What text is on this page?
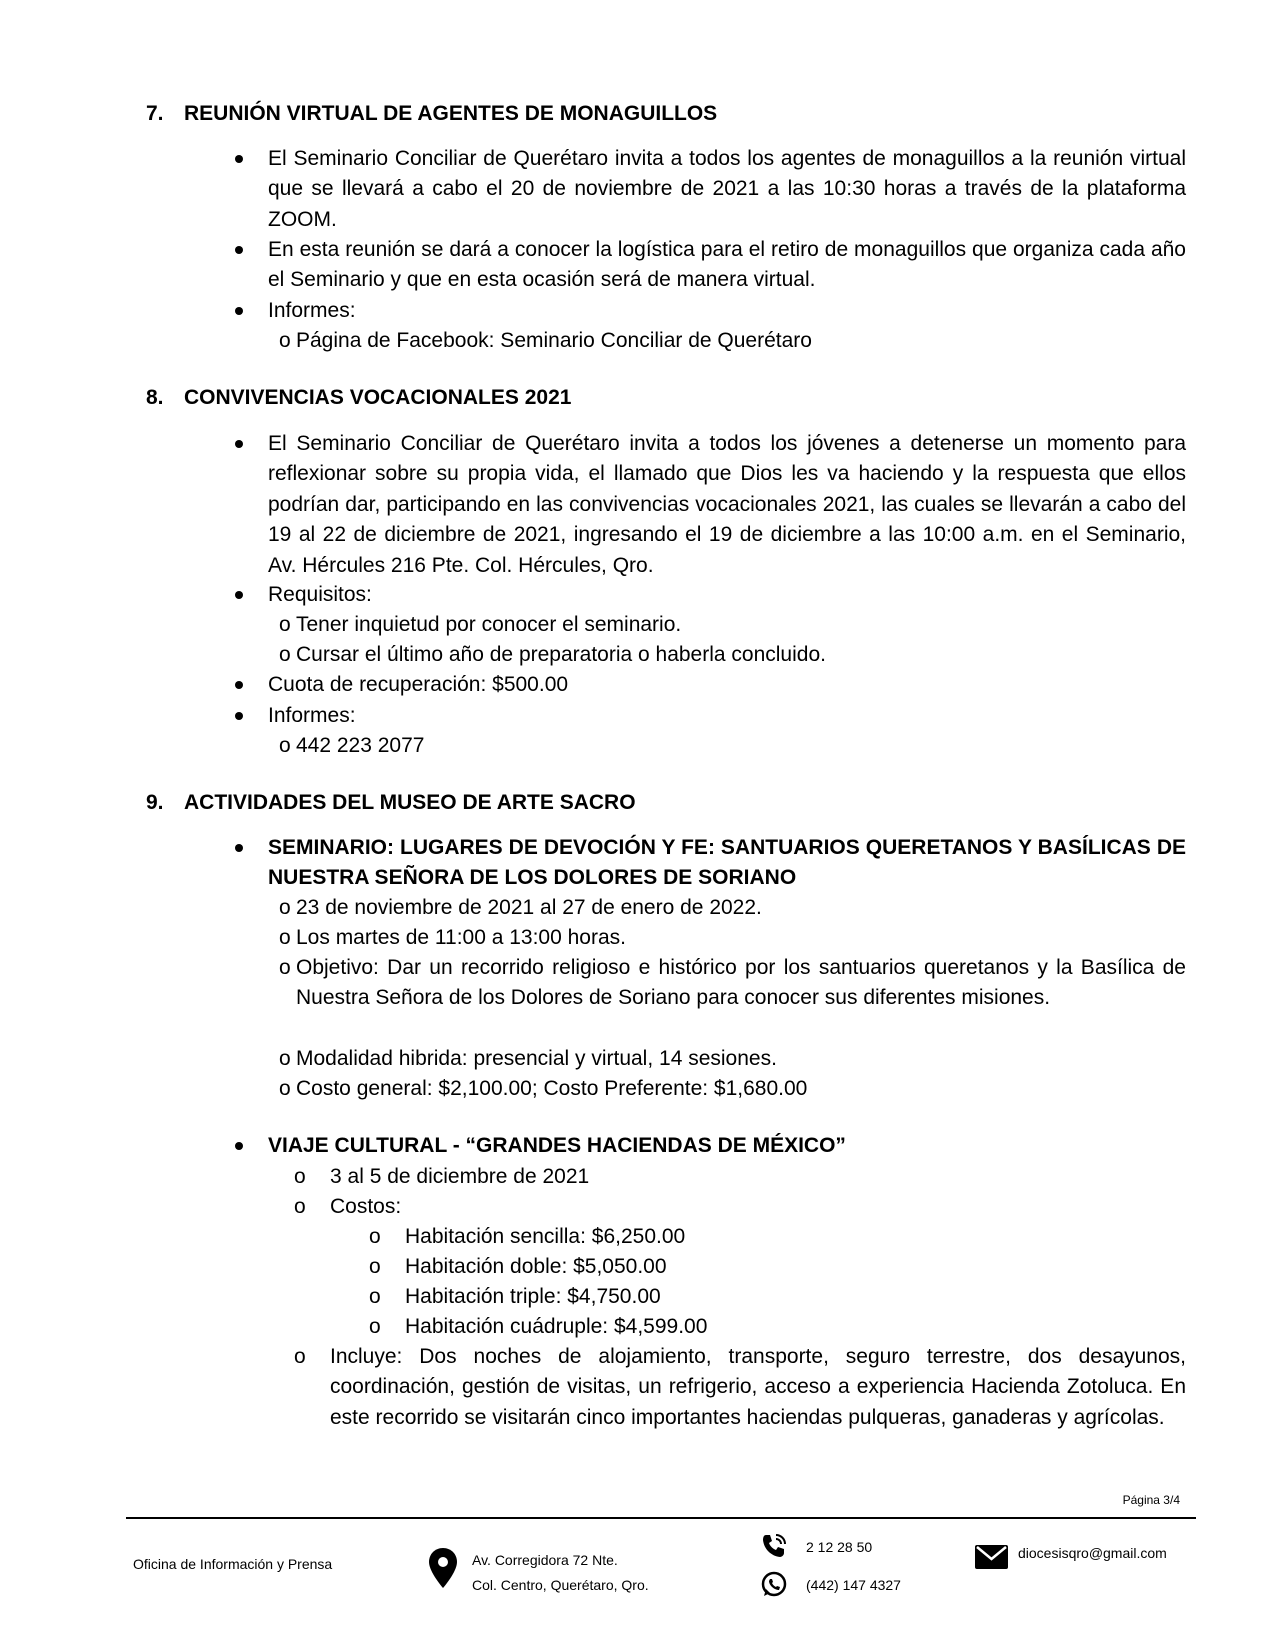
7. REUNIÓN VIRTUAL DE AGENTES DE MONAGUILLOS
El Seminario Conciliar de Querétaro invita a todos los agentes de monaguillos a la reunión virtual que se llevará a cabo el 20 de noviembre de 2021 a las 10:30 horas a través de la plataforma ZOOM.
En esta reunión se dará a conocer la logística para el retiro de monaguillos que organiza cada año el Seminario y que en esta ocasión será de manera virtual.
Informes:
o Página de Facebook: Seminario Conciliar de Querétaro
8. CONVIVENCIAS VOCACIONALES 2021
El Seminario Conciliar de Querétaro invita a todos los jóvenes a detenerse un momento para reflexionar sobre su propia vida, el llamado que Dios les va haciendo y la respuesta que ellos podrían dar, participando en las convivencias vocacionales 2021, las cuales se llevarán a cabo del 19 al 22 de diciembre de 2021, ingresando el 19 de diciembre a las 10:00 a.m. en el Seminario, Av. Hércules 216 Pte. Col. Hércules, Qro.
Requisitos:
o Tener inquietud por conocer el seminario.
o Cursar el último año de preparatoria o haberla concluido.
Cuota de recuperación: $500.00
Informes:
o 442 223 2077
9. ACTIVIDADES DEL MUSEO DE ARTE SACRO
SEMINARIO: LUGARES DE DEVOCIÓN Y FE: SANTUARIOS QUERETANOS Y BASÍLICAS DE NUESTRA SEÑORA DE LOS DOLORES DE SORIANO
o 23 de noviembre de 2021 al 27 de enero de 2022.
o Los martes de 11:00 a 13:00 horas.
o Objetivo: Dar un recorrido religioso e histórico por los santuarios queretanos y la Basílica de Nuestra Señora de los Dolores de Soriano para conocer sus diferentes misiones.
o Modalidad hibrida: presencial y virtual, 14 sesiones.
o Costo general: $2,100.00; Costo Preferente: $1,680.00
VIAJE CULTURAL - “GRANDES HACIENDAS DE MÉXICO”
o 3 al 5 de diciembre de 2021
o Costos:
o Habitación sencilla: $6,250.00
o Habitación doble: $5,050.00
o Habitación triple: $4,750.00
o Habitación cuádruple: $4,599.00
o Incluye: Dos noches de alojamiento, transporte, seguro terrestre, dos desayunos, coordinación, gestión de visitas, un refrigerio, acceso a experiencia Hacienda Zotoluca. En este recorrido se visitarán cinco importantes haciendas pulqueras, ganaderas y agrícolas.
Página 3/4
Oficina de Información y Prensa	Av. Corregidora 72 Nte.
Col. Centro, Querétaro, Qro.
2 12 28 50
(442) 147 4327
diocesisqro@gmail.com
